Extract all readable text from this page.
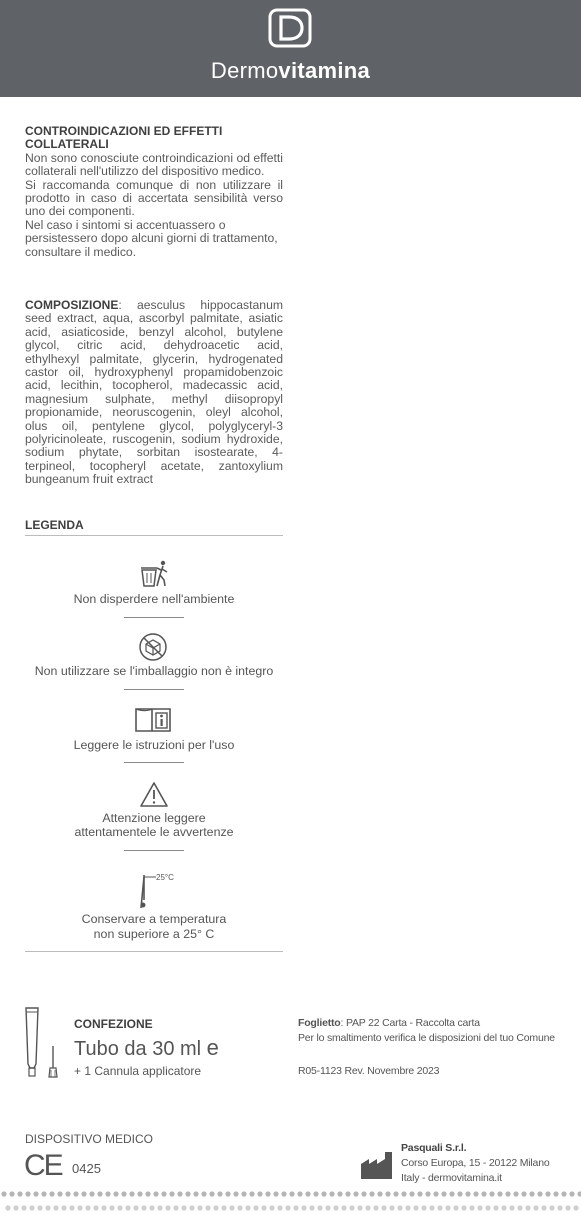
Dermovitamina
CONTROINDICAZIONI ED EFFETTI
COLLATERALI

Non sono conosciute controindicazioni od effetti collaterali nell'utilizzo del dispositivo medico.

Si raccomanda comunque di non utilizzare il prodotto in caso di accertata sensibilità verso uno dei componenti.

Nel caso i sintomi si accentuassero o persistessero dopo alcuni giorni di trattamento, consultare il medico.

COMPOSIZIONE: aesculus hippocastanum seed extract, aqua, ascorbyl palmitate, asiatic acid, asiaticoside, benzyl alcohol, butylene glycol, citric acid, dehydroacetic acid, ethylhexyl palmitate, glycerin, hydrogenated castor oil, hydroxyphenyl propamidobenzoic acid, lecithin, tocopherol, madecassic acid, magnesium sulphate, methyl diisopropyl propionamide, neoruscogenin, oleyl alcohol, olus oil, pentylene glycol, polyglyceryl-3 polyricinoleate, ruscogenin, sodium hydroxide, sodium phytate, sorbitan isostearate, 4-terpineol, tocopheryl acetate, zantoxylium bungeanum fruit extract
LEGENDA
Non disperdere nell'ambiente
Non utilizzare se l'imballaggio non è integro
Leggere le istruzioni per l'uso
Attenzione leggere
attentamentele le avvertenze
25°C
Conservare a temperatura
non superiore a 25° C
CONFEZIONE
Tubo da 30 ml e
+ 1 Cannula applicatore
Foglietto: PAP 22 Carta - Raccolta carta
Per lo smaltimento verifica le disposizioni del tuo Comune
R05-1123 Rev. Novembre 2023
DISPOSITIVO MEDICO
CE 0425
Pasquali S.r.l.
Corso Europa, 15 - 20122 Milano
Italy - dermovitamina.it
